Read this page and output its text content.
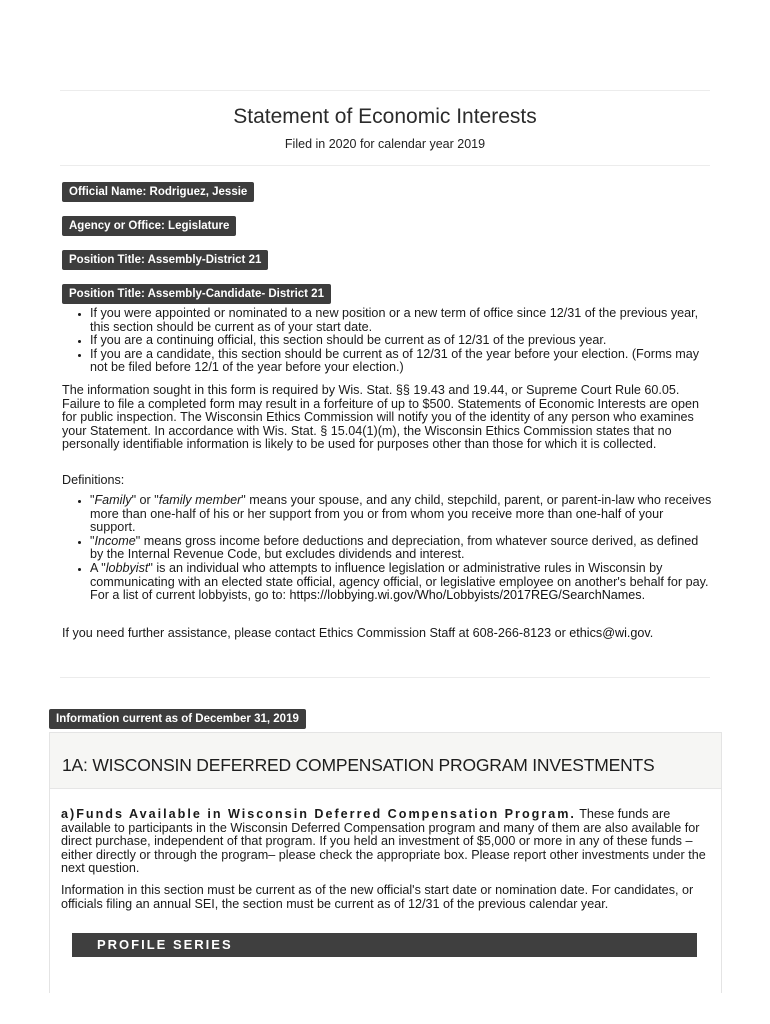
Statement of Economic Interests
Filed in 2020 for calendar year 2019
Official Name: Rodriguez, Jessie
Agency or Office: Legislature
Position Title: Assembly-District 21
Position Title: Assembly-Candidate- District 21
• If you were appointed or nominated to a new position or a new term of office since 12/31 of the previous year, this section should be current as of your start date.
• If you are a continuing official, this section should be current as of 12/31 of the previous year.
• If you are a candidate, this section should be current as of 12/31 of the year before your election. (Forms may not be filed before 12/1 of the year before your election.)
The information sought in this form is required by Wis. Stat. §§ 19.43 and 19.44, or Supreme Court Rule 60.05. Failure to file a completed form may result in a forfeiture of up to $500. Statements of Economic Interests are open for public inspection. The Wisconsin Ethics Commission will notify you of the identity of any person who examines your Statement. In accordance with Wis. Stat. § 15.04(1)(m), the Wisconsin Ethics Commission states that no personally identifiable information is likely to be used for purposes other than those for which it is collected.
Definitions:
• "Family" or "family member" means your spouse, and any child, stepchild, parent, or parent-in-law who receives more than one-half of his or her support from you or from whom you receive more than one-half of your support.
• "Income" means gross income before deductions and depreciation, from whatever source derived, as defined by the Internal Revenue Code, but excludes dividends and interest.
• A "lobbyist" is an individual who attempts to influence legislation or administrative rules in Wisconsin by communicating with an elected state official, agency official, or legislative employee on another's behalf for pay. For a list of current lobbyists, go to: https://lobbying.wi.gov/Who/Lobbyists/2017REG/SearchNames.
If you need further assistance, please contact Ethics Commission Staff at 608-266-8123 or ethics@wi.gov.
Information current as of December 31, 2019
1A: WISCONSIN DEFERRED COMPENSATION PROGRAM INVESTMENTS
a)Funds Available in Wisconsin Deferred Compensation Program. These funds are available to participants in the Wisconsin Deferred Compensation program and many of them are also available for direct purchase, independent of that program. If you held an investment of $5,000 or more in any of these funds – either directly or through the program– please check the appropriate box. Please report other investments under the next question.
Information in this section must be current as of the new official's start date or nomination date. For candidates, or officials filing an annual SEI, the section must be current as of 12/31 of the previous calendar year.
PROFILE SERIES
